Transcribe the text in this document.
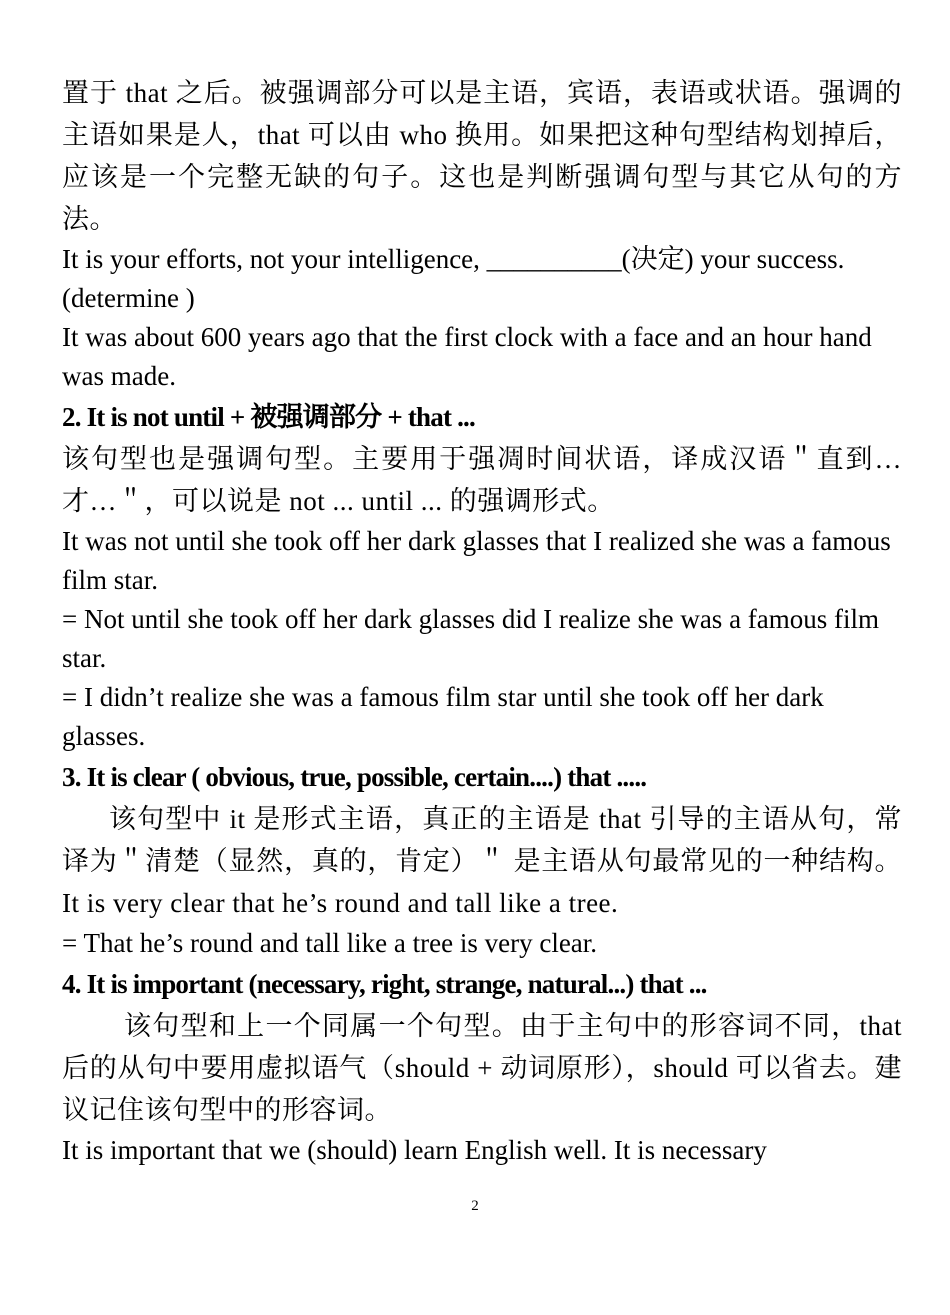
置于 that 之后。被强调部分可以是主语，宾语，表语或状语。强调的主语如果是人，that 可以由 who 换用。如果把这种句型结构划掉后，应该是一个完整无缺的句子。这也是判断强调句型与其它从句的方法。

It is your efforts, not your intelligence, __________(决定) your success. (determine )

It was about 600 years ago that the first clock with a face and an hour hand was made.

2. It is not until + 被强调部分 + that ...

该句型也是强调句型。主要用于强凋时间状语，译成汉语＂直到…才…＂，可以说是 not ... until ... 的强调形式。

It was not until she took off her dark glasses that I realized she was a famous film star.

= Not until she took off her dark glasses did I realize she was a famous film star.

= I didn’t realize she was a famous film star until she took off her dark glasses.

3. It is clear ( obvious, true, possible, certain....) that .....

该句型中 it 是形式主语，真正的主语是 that 引导的主语从句，常译为＂清楚（显然，真的，肯定）＂ 是主语从句最常见的一种结构。It is very clear that he’s round and tall like a tree.

= That he’s round and tall like a tree is very clear.

4. It is important (necessary, right, strange, natural...) that ...

该句型和上一个同属一个句型。由于主句中的形容词不同，that 后的从句中要用虚拟语气（should + 动词原形），should 可以省去。建议记住该句型中的形容词。

It is important that we (should) learn English well. It is necessary

2
